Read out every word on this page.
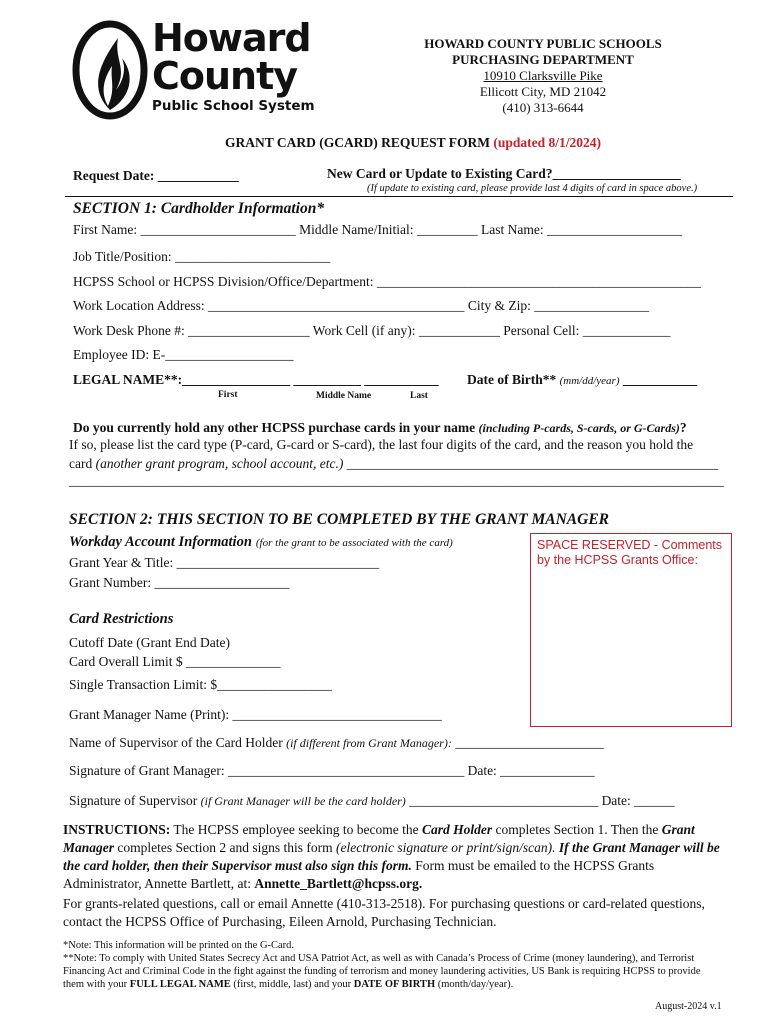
Howard
County
Public School System
HOWARD COUNTY PUBLIC SCHOOLS
PURCHASING DEPARTMENT
10910 Clarksville Pike
Ellicott City, MD 21042
(410) 313-6644
GRANT CARD (GCARD) REQUEST FORM (updated 8/1/2024)
Request Date: ____________	New Card or Update to Existing Card?___________________
(If update to existing card, please provide last 4 digits of card in space above.)
SECTION 1: Cardholder Information*
First Name: _______________________ Middle Name/Initial: _________ Last Name: ____________________
Job Title/Position: _______________________
HCPSS School or HCPSS Division/Office/Department: ________________________________________________
Work Location Address: ______________________________________ City & Zip: _________________
Work Desk Phone #: __________________ Work Cell (if any): ____________ Personal Cell: _____________
Employee ID: E-___________________
LEGAL NAME**:________________ __________ ___________ Date of Birth** (mm/dd/year) ___________
First	Middle Name	Last
Do you currently hold any other HCPSS purchase cards in your name (including P-cards, S-cards, or G-Cards)?
If so, please list the card type (P-card, G-card or S-card), the last four digits of the card, and the reason you hold the
card (another grant program, school account, etc.) _______________________________________________________
_________________________________________________________________________________________________
SECTION 2: THIS SECTION TO BE COMPLETED BY THE GRANT MANAGER
Workday Account Information (for the grant to be associated with the card)
Grant Year & Title: ______________________________
Grant Number: ____________________
SPACE RESERVED - Comments by the HCPSS Grants Office:
Card Restrictions
Cutoff Date (Grant End Date)
Card Overall Limit $ ______________
Single Transaction Limit: $_________________
Grant Manager Name (Print): _______________________________
Name of Supervisor of the Card Holder (if different from Grant Manager): ______________________
Signature of Grant Manager: ___________________________________ Date: ______________
Signature of Supervisor (if Grant Manager will be the card holder) ____________________________ Date: ______
INSTRUCTIONS: The HCPSS employee seeking to become the Card Holder completes Section 1. Then the Grant Manager completes Section 2 and signs this form (electronic signature or print/sign/scan). If the Grant Manager will be the card holder, then their Supervisor must also sign this form. Form must be emailed to the HCPSS Grants Administrator, Annette Bartlett, at: Annette_Bartlett@hcpss.org.
For grants-related questions, call or email Annette (410-313-2518). For purchasing questions or card-related questions, contact the HCPSS Office of Purchasing, Eileen Arnold, Purchasing Technician.
*Note: This information will be printed on the G-Card.
**Note: To comply with United States Secrecy Act and USA Patriot Act, as well as with Canada’s Process of Crime (money laundering), and Terrorist Financing Act and Criminal Code in the fight against the funding of terrorism and money laundering activities, US Bank is requiring HCPSS to provide them with your FULL LEGAL NAME (first, middle, last) and your DATE OF BIRTH (month/day/year).
August-2024 v.1
